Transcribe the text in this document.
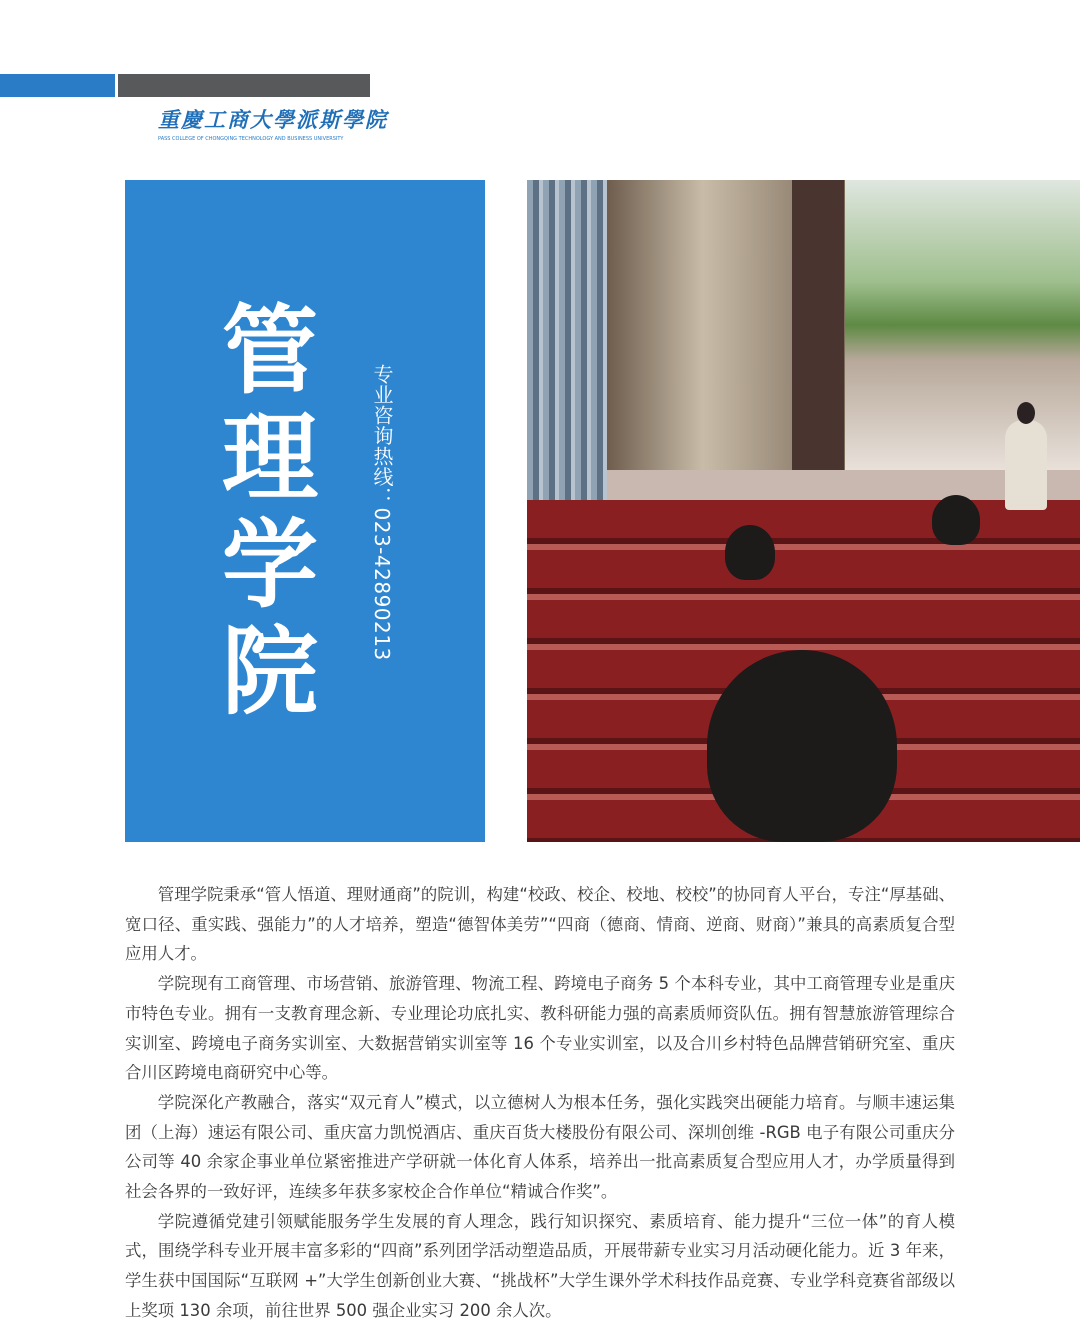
重慶工商大學派斯學院
PASS COLLEGE OF CHONGQING TECHNOLOGY AND BUSINESS UNIVERSITY
管
理
学
院
专业咨询热线：023-42890213

管理学院秉承“管人悟道、理财通商”的院训，构建“校政、校企、校地、校校”的协同育人平台，专注“厚基础、宽口径、重实践、强能力”的人才培养，塑造“德智体美劳”“四商（德商、情商、逆商、财商）”兼具的高素质复合型应用人才。

学院现有工商管理、市场营销、旅游管理、物流工程、跨境电子商务 5 个本科专业，其中工商管理专业是重庆市特色专业。拥有一支教育理念新、专业理论功底扎实、教科研能力强的高素质师资队伍。拥有智慧旅游管理综合实训室、跨境电子商务实训室、大数据营销实训室等 16 个专业实训室，以及合川乡村特色品牌营销研究室、重庆合川区跨境电商研究中心等。

学院深化产教融合，落实“双元育人”模式，以立德树人为根本任务，强化实践突出硬能力培育。与顺丰速运集团（上海）速运有限公司、重庆富力凯悦酒店、重庆百货大楼股份有限公司、深圳创维 -RGB 电子有限公司重庆分公司等 40 余家企事业单位紧密推进产学研就一体化育人体系，培养出一批高素质复合型应用人才，办学质量得到社会各界的一致好评，连续多年获多家校企合作单位“精诚合作奖”。

学院遵循党建引领赋能服务学生发展的育人理念，践行知识探究、素质培育、能力提升“三位一体”的育人模式，围绕学科专业开展丰富多彩的“四商”系列团学活动塑造品质，开展带薪专业实习月活动硬化能力。近 3 年来，学生获中国国际“互联网 +”大学生创新创业大赛、“挑战杯”大学生课外学术科技作品竞赛、专业学科竞赛省部级以上奖项 130 余项，前往世界 500 强企业实习 200 余人次。
